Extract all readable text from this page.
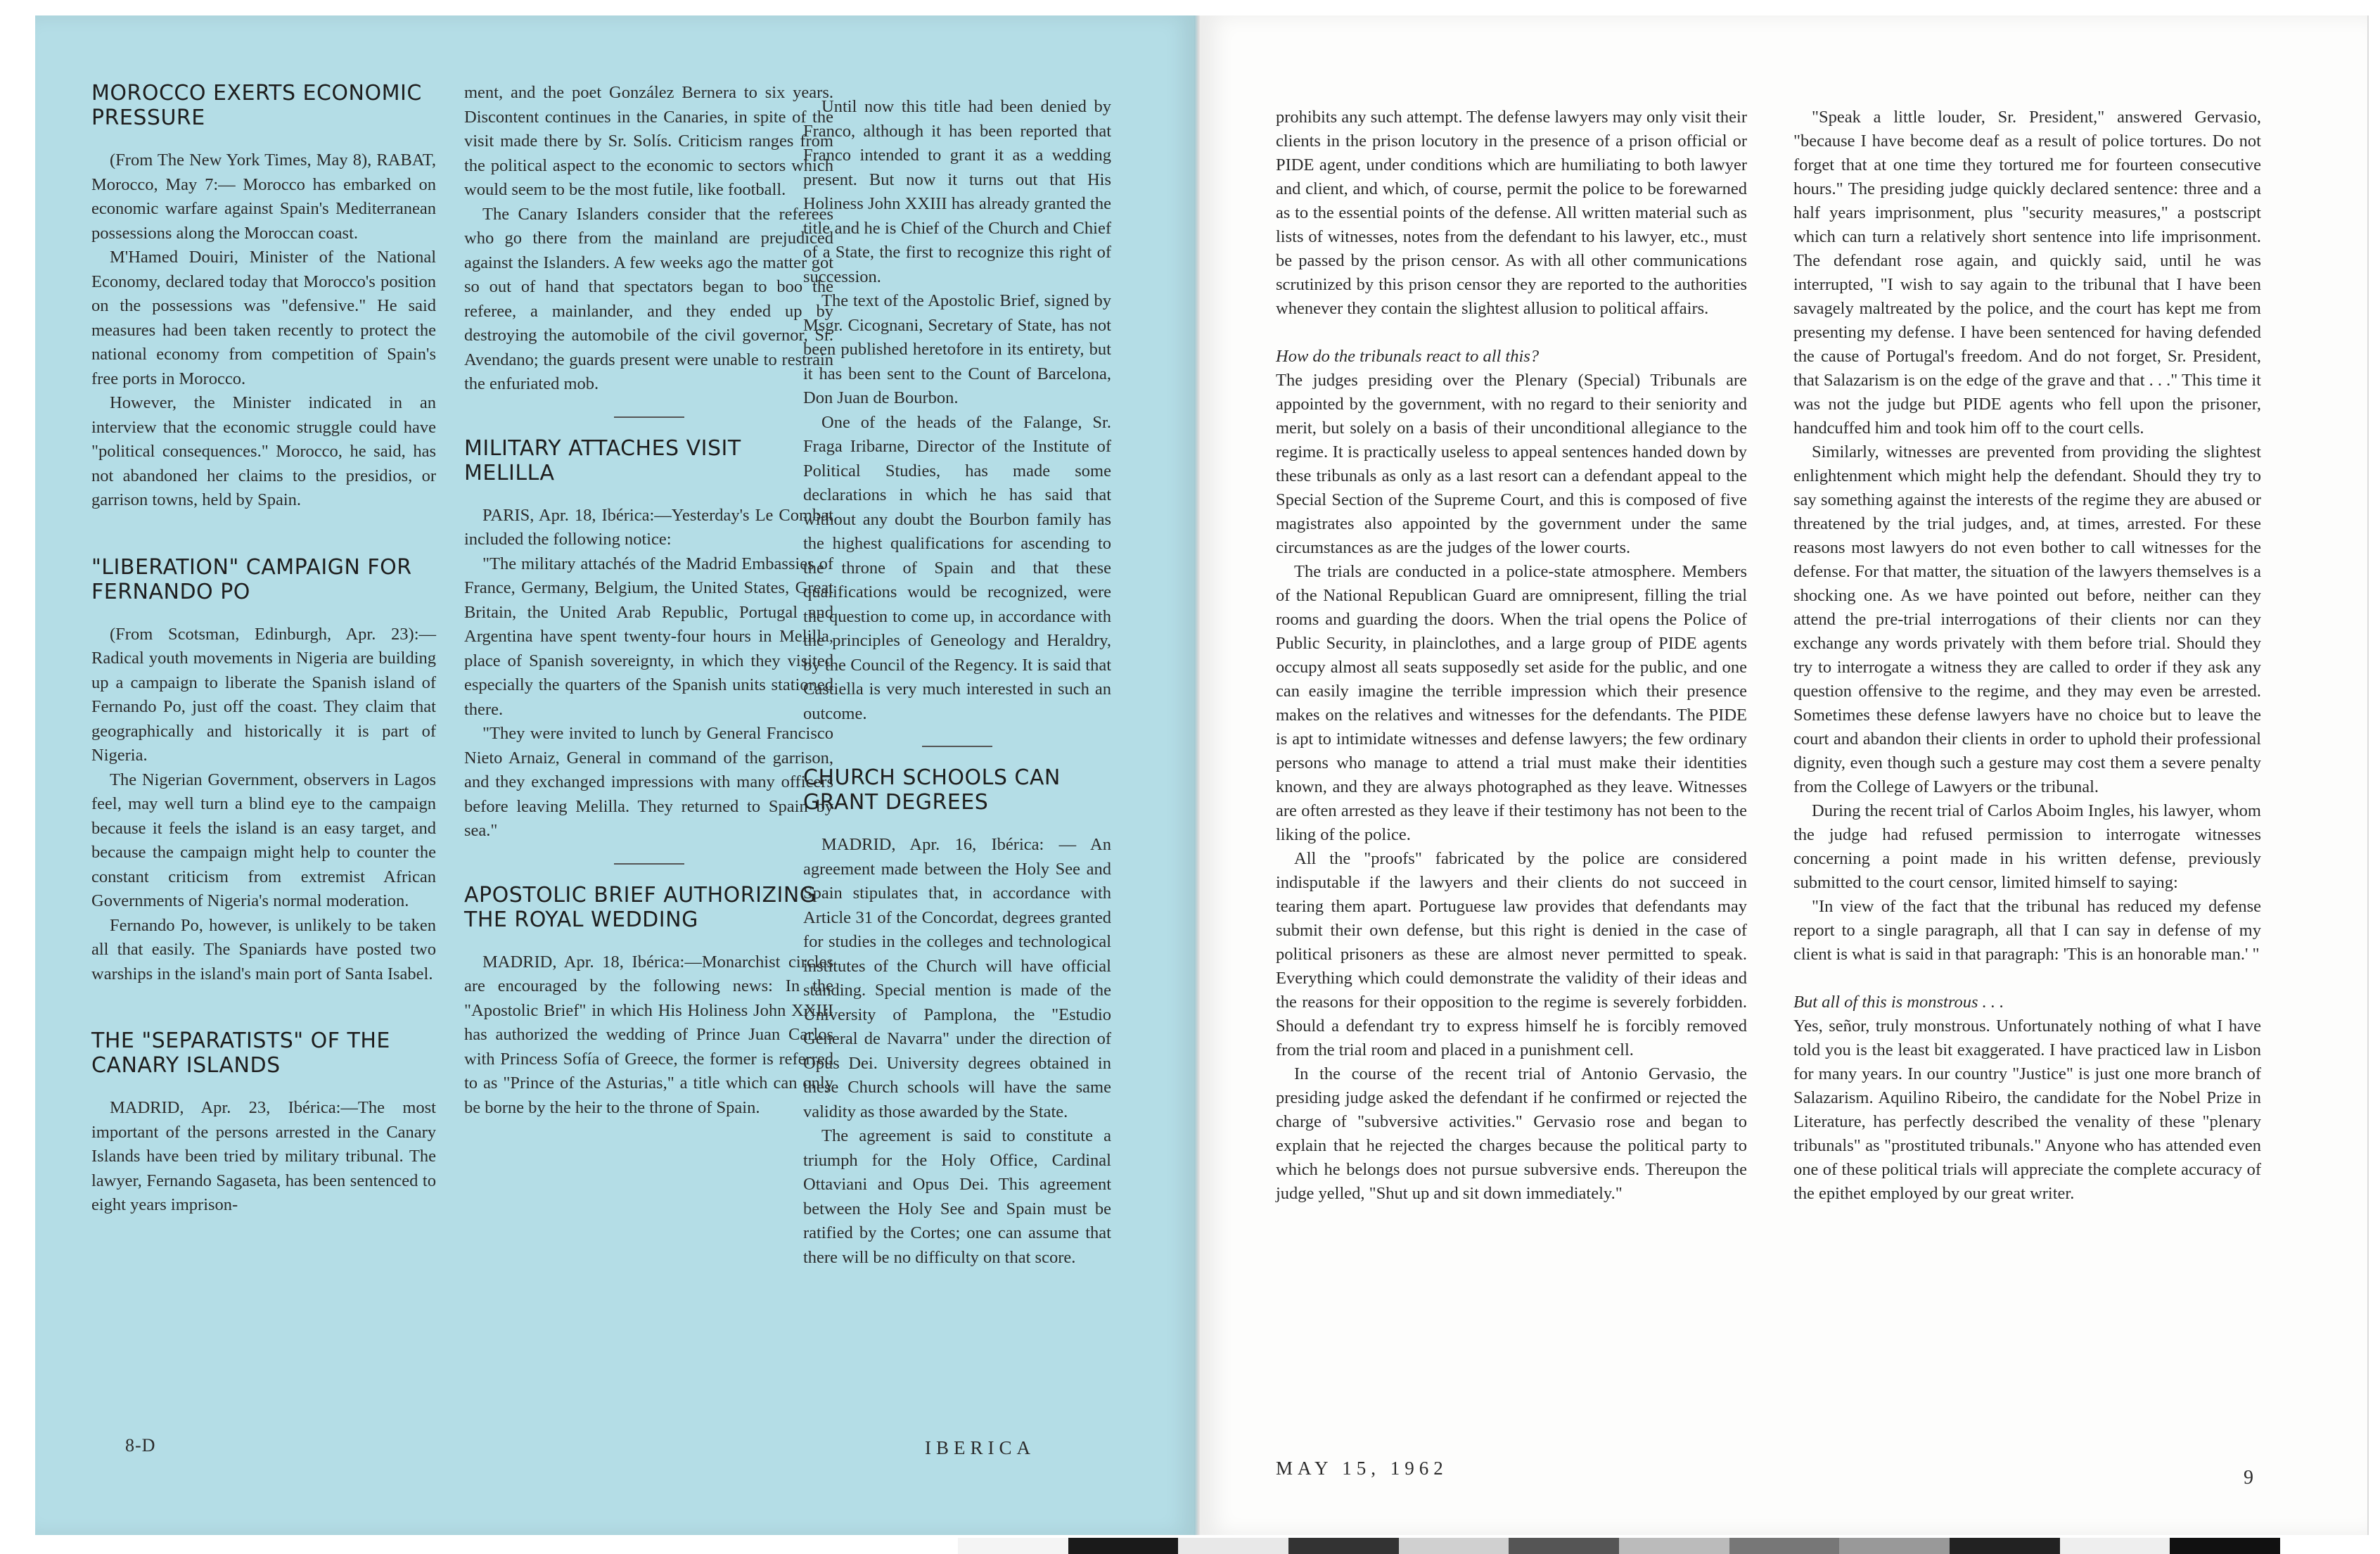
MOROCCO EXERTS ECONOMIC PRESSURE

(From The New York Times, May 8), RABAT, Morocco, May 7:— Morocco has embarked on economic warfare against Spain's Mediterranean possessions along the Moroccan coast.

M'Hamed Douiri, Minister of the National Economy, declared today that Morocco's position on the possessions was "defensive." He said measures had been taken recently to protect the national economy from competition of Spain's free ports in Morocco.

However, the Minister indicated in an interview that the economic struggle could have "political consequences." Morocco, he said, has not abandoned her claims to the presidios, or garrison towns, held by Spain.

"LIBERATION" CAMPAIGN FOR FERNANDO PO

(From Scotsman, Edinburgh, Apr. 23):—Radical youth movements in Nigeria are building up a campaign to liberate the Spanish island of Fernando Po, just off the coast. They claim that geographically and historically it is part of Nigeria.

The Nigerian Government, observers in Lagos feel, may well turn a blind eye to the campaign because it feels the island is an easy target, and because the campaign might help to counter the constant criticism from extremist African Governments of Nigeria's normal moderation.

Fernando Po, however, is unlikely to be taken all that easily. The Spaniards have posted two warships in the island's main port of Santa Isabel.

THE "SEPARATISTS" OF THE CANARY ISLANDS

MADRID, Apr. 23, Ibérica:—The most important of the persons arrested in the Canary Islands have been tried by military tribunal. The lawyer, Fernando Sagaseta, has been sentenced to eight years imprison-

ment, and the poet González Bernera to six years. Discontent continues in the Canaries, in spite of the visit made there by Sr. Solís. Criticism ranges from the political aspect to the economic to sectors which would seem to be the most futile, like football.

The Canary Islanders consider that the referees who go there from the mainland are prejudiced against the Islanders. A few weeks ago the matter got so out of hand that spectators began to boo the referee, a mainlander, and they ended up by destroying the automobile of the civil governor, Sr. Avendano; the guards present were unable to restrain the enfuriated mob.

MILITARY ATTACHES VISIT MELILLA

PARIS, Apr. 18, Ibérica:—Yesterday's Le Combat included the following notice:

"The military attachés of the Madrid Embassies of France, Germany, Belgium, the United States, Great Britain, the United Arab Republic, Portugal and Argentina have spent twenty-four hours in Melilla, place of Spanish sovereignty, in which they visited especially the quarters of the Spanish units stationed there.

"They were invited to lunch by General Francisco Nieto Arnaiz, General in command of the garrison, and they exchanged impressions with many officers before leaving Melilla. They returned to Spain by sea."

APOSTOLIC BRIEF AUTHORIZING THE ROYAL WEDDING

MADRID, Apr. 18, Ibérica:—Monarchist circles are encouraged by the following news: In the "Apostolic Brief" in which His Holiness John XXIII has authorized the wedding of Prince Juan Carlos with Princess Sofía of Greece, the former is referred to as "Prince of the Asturias," a title which can only be borne by the heir to the throne of Spain.

Until now this title had been denied by Franco, although it has been reported that Franco intended to grant it as a wedding present. But now it turns out that His Holiness John XXIII has already granted the title and he is Chief of the Church and Chief of a State, the first to recognize this right of succession.

The text of the Apostolic Brief, signed by Msgr. Cicognani, Secretary of State, has not been published heretofore in its entirety, but it has been sent to the Count of Barcelona, Don Juan de Bourbon.

One of the heads of the Falange, Sr. Fraga Iribarne, Director of the Institute of Political Studies, has made some declarations in which he has said that without any doubt the Bourbon family has the highest qualifications for ascending to the throne of Spain and that these qualifications would be recognized, were the question to come up, in accordance with the principles of Geneology and Heraldry, by the Council of the Regency. It is said that Castiella is very much interested in such an outcome.

CHURCH SCHOOLS CAN GRANT DEGREES

MADRID, Apr. 16, Ibérica: — An agreement made between the Holy See and Spain stipulates that, in accordance with Article 31 of the Concordat, degrees granted for studies in the colleges and technological institutes of the Church will have official standing. Special mention is made of the University of Pamplona, the "Estudio General de Navarra" under the direction of Opus Dei. University degrees obtained in these Church schools will have the same validity as those awarded by the State.

The agreement is said to constitute a triumph for the Holy Office, Cardinal Ottaviani and Opus Dei. This agreement between the Holy See and Spain must be ratified by the Cortes; one can assume that there will be no difficulty on that score.

8-D	IBERICA

prohibits any such attempt. The defense lawyers may only visit their clients in the prison locutory in the presence of a prison official or PIDE agent, under conditions which are humiliating to both lawyer and client, and which, of course, permit the police to be forewarned as to the essential points of the defense. All written material such as lists of witnesses, notes from the defendant to his lawyer, etc., must be passed by the prison censor. As with all other communications scrutinized by this prison censor they are reported to the authorities whenever they contain the slightest allusion to political affairs.

How do the tribunals react to all this?

The judges presiding over the Plenary (Special) Tribunals are appointed by the government, with no regard to their seniority and merit, but solely on a basis of their unconditional allegiance to the regime. It is practically useless to appeal sentences handed down by these tribunals as only as a last resort can a defendant appeal to the Special Section of the Supreme Court, and this is composed of five magistrates also appointed by the government under the same circumstances as are the judges of the lower courts.

The trials are conducted in a police-state atmosphere. Members of the National Republican Guard are omnipresent, filling the trial rooms and guarding the doors. When the trial opens the Police of Public Security, in plainclothes, and a large group of PIDE agents occupy almost all seats supposedly set aside for the public, and one can easily imagine the terrible impression which their presence makes on the relatives and witnesses for the defendants. The PIDE is apt to intimidate witnesses and defense lawyers; the few ordinary persons who manage to attend a trial must make their identities known, and they are always photographed as they leave. Witnesses are often arrested as they leave if their testimony has not been to the liking of the police.

All the "proofs" fabricated by the police are considered indisputable if the lawyers and their clients do not succeed in tearing them apart. Portuguese law provides that defendants may submit their own defense, but this right is denied in the case of political prisoners as these are almost never permitted to speak. Everything which could demonstrate the validity of their ideas and the reasons for their opposition to the regime is severely forbidden. Should a defendant try to express himself he is forcibly removed from the trial room and placed in a punishment cell.

In the course of the recent trial of Antonio Gervasio, the presiding judge asked the defendant if he confirmed or rejected the charge of "subversive activities." Gervasio rose and began to explain that he rejected the charges because the political party to which he belongs does not pursue subversive ends. Thereupon the judge yelled, "Shut up and sit down immediately."

"Speak a little louder, Sr. President," answered Gervasio, "because I have become deaf as a result of police tortures. Do not forget that at one time they tortured me for fourteen consecutive hours." The presiding judge quickly declared sentence: three and a half years imprisonment, plus "security measures," a postscript which can turn a relatively short sentence into life imprisonment. The defendant rose again, and quickly said, until he was interrupted, "I wish to say again to the tribunal that I have been savagely maltreated by the police, and the court has kept me from presenting my defense. I have been sentenced for having defended the cause of Portugal's freedom. And do not forget, Sr. President, that Salazarism is on the edge of the grave and that . . ." This time it was not the judge but PIDE agents who fell upon the prisoner, handcuffed him and took him off to the court cells.

Similarly, witnesses are prevented from providing the slightest enlightenment which might help the defendant. Should they try to say something against the interests of the regime they are abused or threatened by the trial judges, and, at times, arrested. For these reasons most lawyers do not even bother to call witnesses for the defense. For that matter, the situation of the lawyers themselves is a shocking one. As we have pointed out before, neither can they attend the pre-trial interrogations of their clients nor can they exchange any words privately with them before trial. Should they try to interrogate a witness they are called to order if they ask any question offensive to the regime, and they may even be arrested. Sometimes these defense lawyers have no choice but to leave the court and abandon their clients in order to uphold their professional dignity, even though such a gesture may cost them a severe penalty from the College of Lawyers or the tribunal.

During the recent trial of Carlos Aboim Ingles, his lawyer, whom the judge had refused permission to interrogate witnesses concerning a point made in his written defense, previously submitted to the court censor, limited himself to saying:

"In view of the fact that the tribunal has reduced my defense report to a single paragraph, all that I can say in defense of my client is what is said in that paragraph: 'This is an honorable man.' "

But all of this is monstrous . . .

Yes, señor, truly monstrous. Unfortunately nothing of what I have told you is the least bit exaggerated. I have practiced law in Lisbon for many years. In our country "Justice" is just one more branch of Salazarism. Aquilino Ribeiro, the candidate for the Nobel Prize in Literature, has perfectly described the venality of these "plenary tribunals" as "prostituted tribunals." Anyone who has attended even one of these political trials will appreciate the complete accuracy of the epithet employed by our great writer.

MAY 15, 1962	9
